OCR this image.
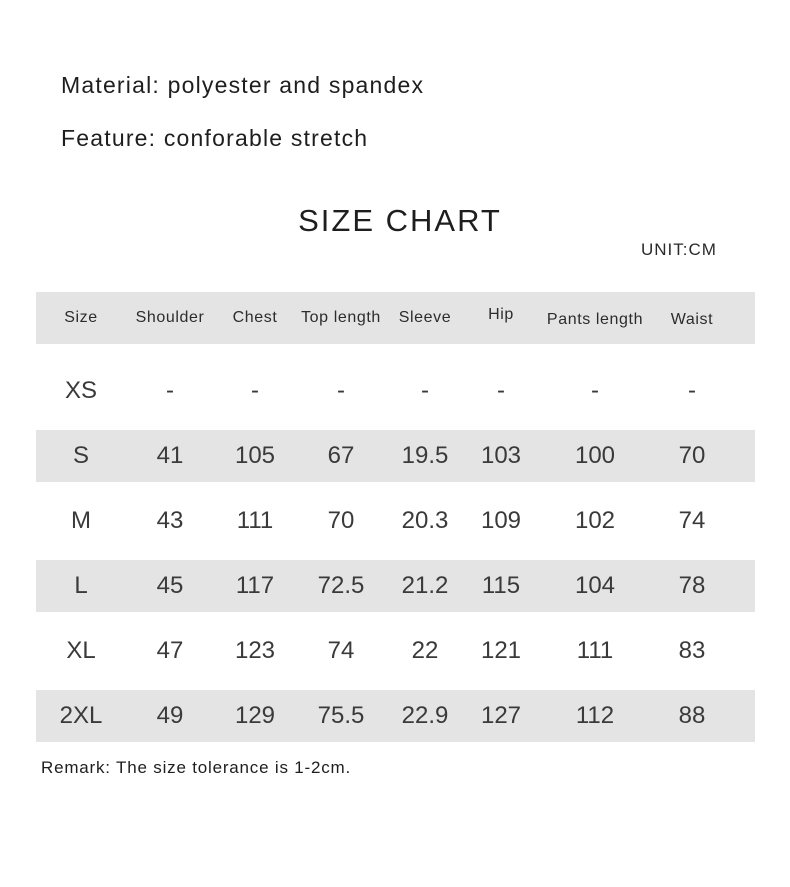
Material: polyester and spandex
Feature: conforable stretch
SIZE CHART
UNIT:CM
Size	Shoulder	Chest	Top length	Sleeve	Hip	Pants length	Waist
XS	-	-	-	-	-	-	-
S	41	105	67	19.5	103	100	70
M	43	111	70	20.3	109	102	74
L	45	117	72.5	21.2	115	104	78
XL	47	123	74	22	121	111	83
2XL	49	129	75.5	22.9	127	112	88
Remark: The size tolerance is 1-2cm.
